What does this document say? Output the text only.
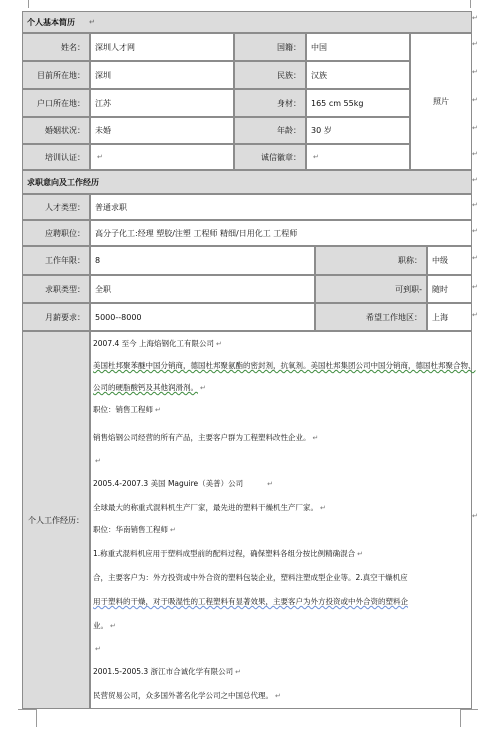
个人基本简历 ↵
姓名： 深圳人才网	国籍： 中国
目前所在地： 深圳	民族： 汉族
户口所在地： 江苏	身材： 165 cm 55kg
婚姻状况： 未婚	年龄： 30 岁
培训认证： ↵	诚信徽章： ↵
照片
求职意向及工作经历
人才类型： 普通求职
应聘职位： 高分子化工:经理 塑胶/注塑 工程师 精细/日用化工 工程师
工作年限： 8	职称： 中级
求职类型： 全职	可到职- 随时
月薪要求： 5000--8000	希望工作地区： 上海
个人工作经历：
2007.4 至今 上海焰钢化工有限公司 ↵
美国杜邦聚苯醚中国分销商，德国杜邦聚氨酯的密封剂，抗氧剂。美国杜邦集团公司中国分销商，德国杜邦聚合物、
公司的硬脂酸钙及其他润滑剂。 ↵
职位：销售工程师 ↵
销售焰钢公司经营的所有产品，主要客户群为工程塑料改性企业。 ↵
↵
2005.4-2007.3 美国 Maguire（美普）公司	↵
全球最大的称重式混料机生产厂家，最先进的塑料干燥机生产厂家。 ↵
职位：华南销售工程师 ↵
1.称重式混料机应用于塑料成型前的配料过程，确保塑料各组分按比例精确混合 ↵
合，主要客户为：外方投资或中外合资的塑料包装企业，塑料注塑成型企业等。2.真空干燥机应
用于塑料的干燥，对于吸湿性的工程塑料有显著效果，主要客户为外方投资或中外合资的塑料企
业。 ↵
↵
2001.5-2005.3 浙江市合诚化学有限公司 ↵
民营贸易公司，众多国外著名化学公司之中国总代理。 ↵
↵
↵
↵
↵
↵
↵
↵
↵
↵
↵
↵
↵
↵
